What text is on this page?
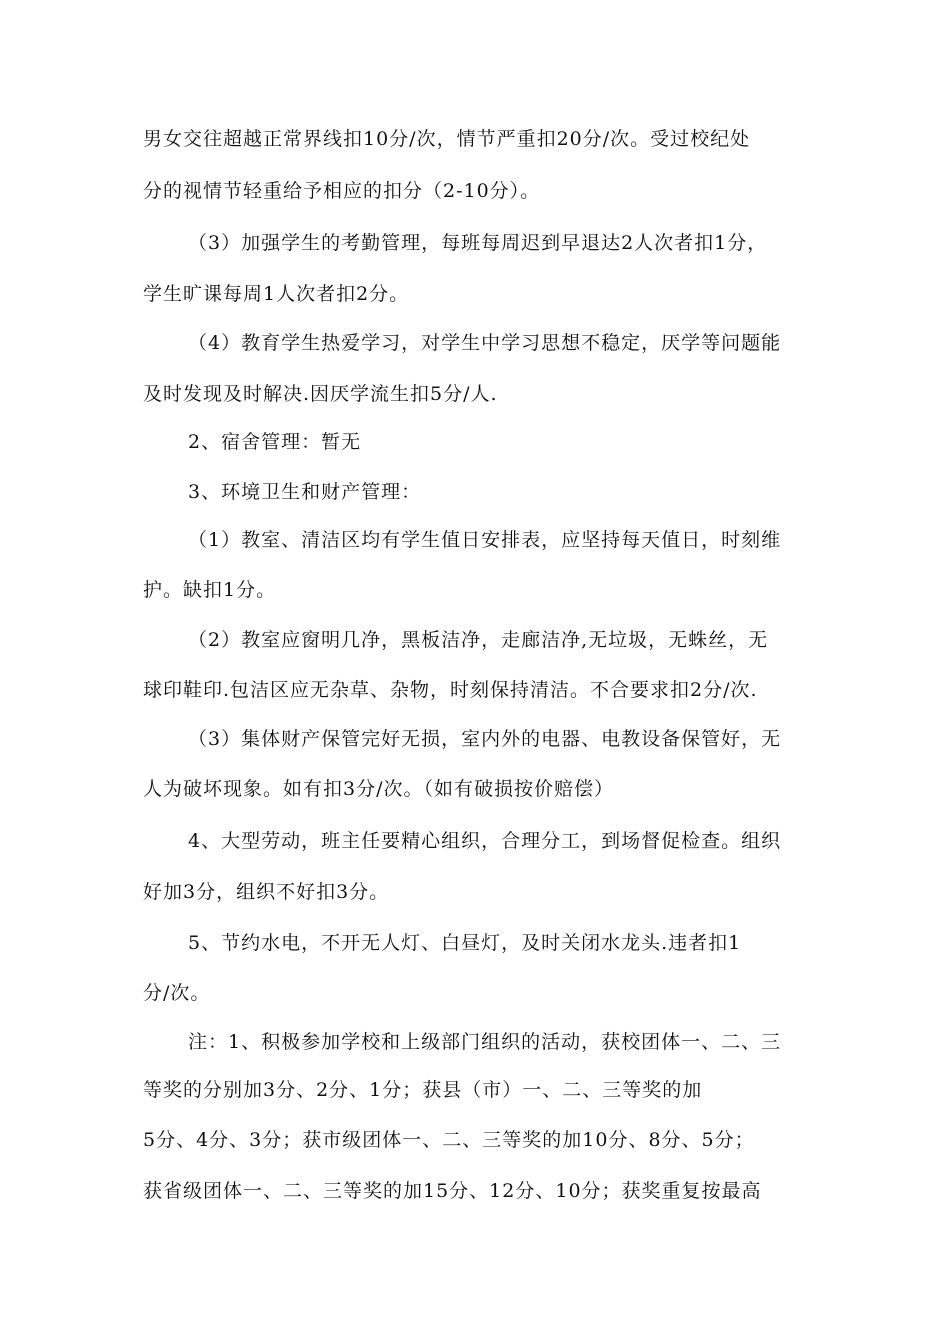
男女交往超越正常界线扣10分/次，情节严重扣20分/次。受过校纪处
分的视情节轻重给予相应的扣分（2-10分）。
（3）加强学生的考勤管理，每班每周迟到早退达2人次者扣1分，
学生旷课每周1人次者扣2分。
（4）教育学生热爱学习，对学生中学习思想不稳定，厌学等问题能
及时发现及时解决.因厌学流生扣5分/人.
2、宿舍管理：暂无
3、环境卫生和财产管理：
（1）教室、清洁区均有学生值日安排表，应坚持每天值日，时刻维
护。缺扣1分。
（2）教室应窗明几净，黑板洁净，走廊洁净,无垃圾，无蛛丝，无
球印鞋印.包洁区应无杂草、杂物，时刻保持清洁。不合要求扣2分/次.
（3）集体财产保管完好无损，室内外的电器、电教设备保管好，无
人为破坏现象。如有扣3分/次。（如有破损按价赔偿）
4、大型劳动，班主任要精心组织，合理分工，到场督促检查。组织
好加3分，组织不好扣3分。
5、节约水电，不开无人灯、白昼灯，及时关闭水龙头.违者扣1
分/次。
注：1、积极参加学校和上级部门组织的活动，获校团体一、二、三
等奖的分别加3分、2分、1分；获县（市）一、二、三等奖的加
5分、4分、3分；获市级团体一、二、三等奖的加10分、8分、5分；
获省级团体一、二、三等奖的加15分、12分、10分；获奖重复按最高
